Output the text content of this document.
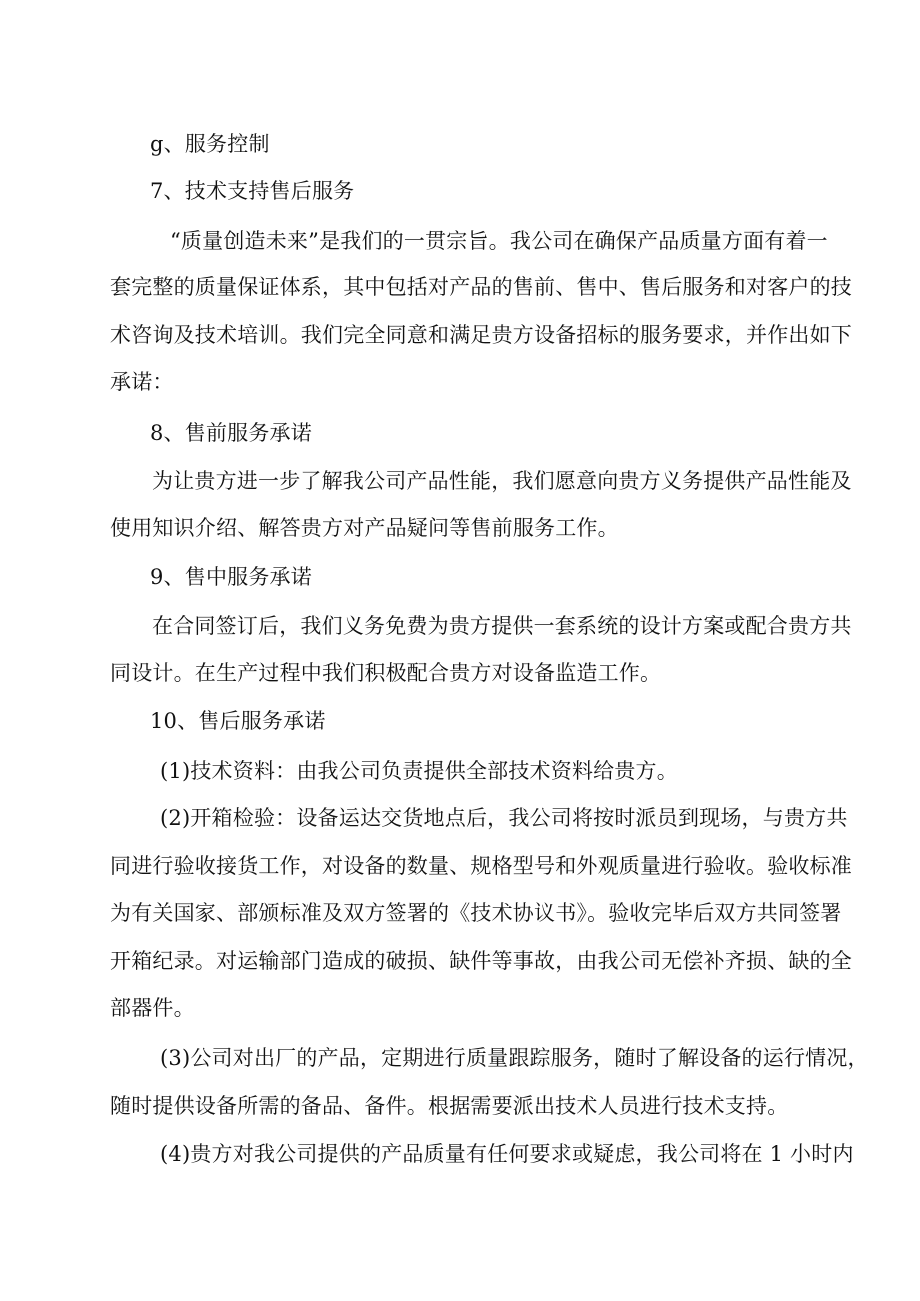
g、服务控制
7、技术支持售后服务
“质量创造未来”是我们的一贯宗旨。我公司在确保产品质量方面有着一
套完整的质量保证体系，其中包括对产品的售前、售中、售后服务和对客户的技
术咨询及技术培训。我们完全同意和满足贵方设备招标的服务要求，并作出如下
承诺：
8、售前服务承诺
为让贵方进一步了解我公司产品性能，我们愿意向贵方义务提供产品性能及
使用知识介绍、解答贵方对产品疑问等售前服务工作。
9、售中服务承诺
在合同签订后，我们义务免费为贵方提供一套系统的设计方案或配合贵方共
同设计。在生产过程中我们积极配合贵方对设备监造工作。
10、售后服务承诺
(1)技术资料：由我公司负责提供全部技术资料给贵方。
(2)开箱检验：设备运达交货地点后，我公司将按时派员到现场，与贵方共
同进行验收接货工作，对设备的数量、规格型号和外观质量进行验收。验收标准
为有关国家、部颁标准及双方签署的《技术协议书》。验收完毕后双方共同签署
开箱纪录。对运输部门造成的破损、缺件等事故，由我公司无偿补齐损、缺的全
部器件。
(3)公司对出厂的产品，定期进行质量跟踪服务，随时了解设备的运行情况，
随时提供设备所需的备品、备件。根据需要派出技术人员进行技术支持。
(4)贵方对我公司提供的产品质量有任何要求或疑虑，我公司将在 1 小时内
